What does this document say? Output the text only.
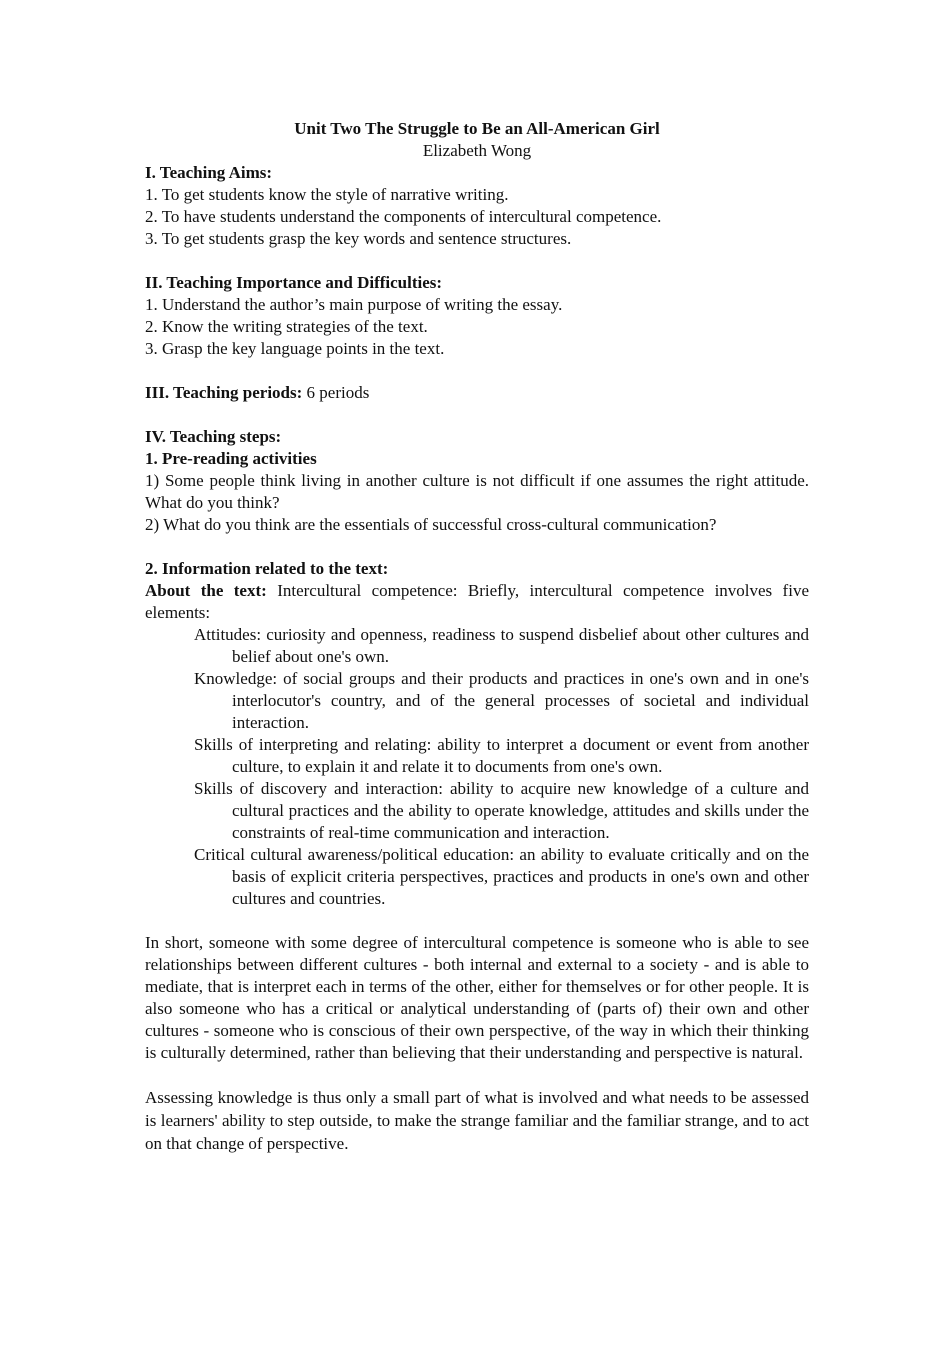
Unit Two The Struggle to Be an All-American Girl

Elizabeth Wong

I. Teaching Aims:

1. To get students know the style of narrative writing.

2. To have students understand the components of intercultural competence.

3. To get students grasp the key words and sentence structures.

II. Teaching Importance and Difficulties:

1. Understand the author’s main purpose of writing the essay.

2. Know the writing strategies of the text.

3. Grasp the key language points in the text.

III. Teaching periods: 6 periods

IV. Teaching steps:

1. Pre-reading activities

1) Some people think living in another culture is not difficult if one assumes the right attitude. What do you think?

2) What do you think are the essentials of successful cross-cultural communication?

2. Information related to the text:

About the text: Intercultural competence: Briefly, intercultural competence involves five elements:

Attitudes: curiosity and openness, readiness to suspend disbelief about other cultures and belief about one's own.

Knowledge: of social groups and their products and practices in one's own and in one's interlocutor's country, and of the general processes of societal and individual interaction.

Skills of interpreting and relating: ability to interpret a document or event from another culture, to explain it and relate it to documents from one's own.

Skills of discovery and interaction: ability to acquire new knowledge of a culture and cultural practices and the ability to operate knowledge, attitudes and skills under the constraints of real-time communication and interaction.

Critical cultural awareness/political education: an ability to evaluate critically and on the basis of explicit criteria perspectives, practices and products in one's own and other cultures and countries.

In short, someone with some degree of intercultural competence is someone who is able to see relationships between different cultures - both internal and external to a society - and is able to mediate, that is interpret each in terms of the other, either for themselves or for other people. It is also someone who has a critical or analytical understanding of (parts of) their own and other cultures - someone who is conscious of their own perspective, of the way in which their thinking is culturally determined, rather than believing that their understanding and perspective is natural.

Assessing knowledge is thus only a small part of what is involved and what needs to be assessed is learners' ability to step outside, to make the strange familiar and the familiar strange, and to act on that change of perspective.
